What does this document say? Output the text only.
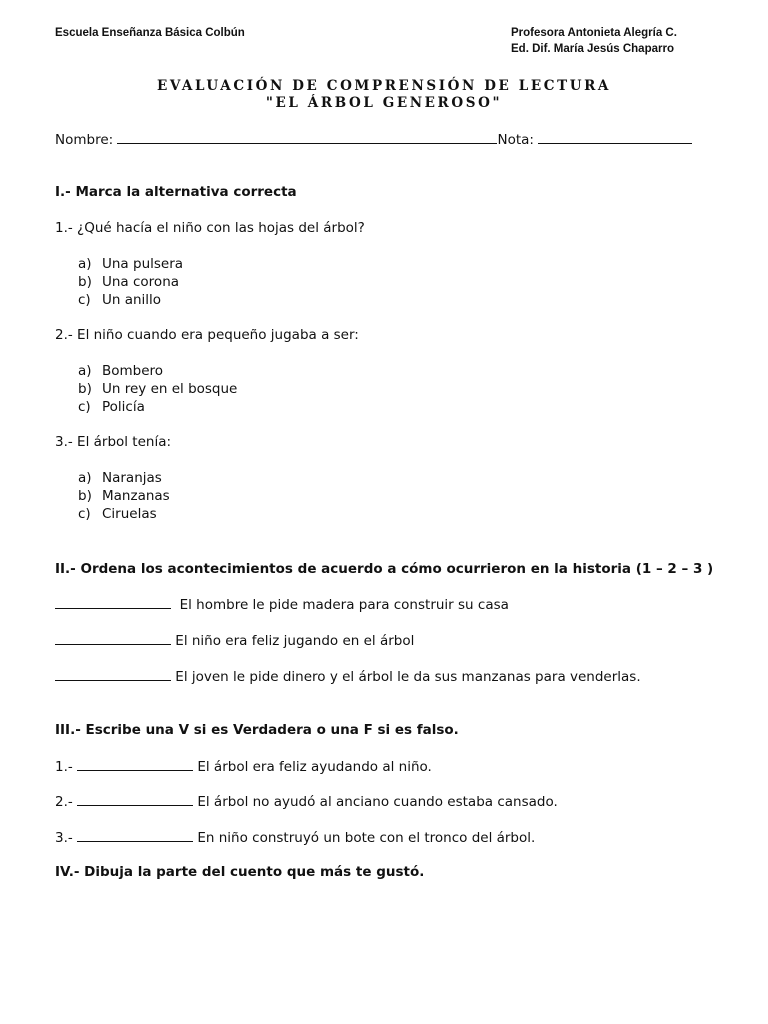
Escuela Enseñanza Básica Colbún	Profesora Antonieta Alegría C.
Ed. Dif. María Jesús Chaparro
EVALUACIÓN DE COMPRENSIÓN DE LECTURA
"EL ÁRBOL GENEROSO"
Nombre:	Nota:
I.- Marca la alternativa correcta
1.- ¿Qué hacía el niño con las hojas del árbol?
a) Una pulsera
b) Una corona
c) Un anillo
2.- El niño cuando era pequeño jugaba a ser:
a) Bombero
b) Un rey en el bosque
c) Policía
3.- El árbol tenía:
a) Naranjas
b) Manzanas
c) Ciruelas
II.- Ordena los acontecimientos de acuerdo a cómo ocurrieron en la historia (1 – 2 – 3 )
El hombre le pide madera para construir su casa
El niño era feliz jugando en el árbol
El joven le pide dinero y el árbol le da sus manzanas para venderlas.
III.- Escribe una V si es Verdadera o una F si es falso.
1.-	El árbol era feliz ayudando al niño.
2.-	El árbol no ayudó al anciano cuando estaba cansado.
3.-	En niño construyó un bote con el tronco del árbol.
IV.- Dibuja la parte del cuento que más te gustó.
